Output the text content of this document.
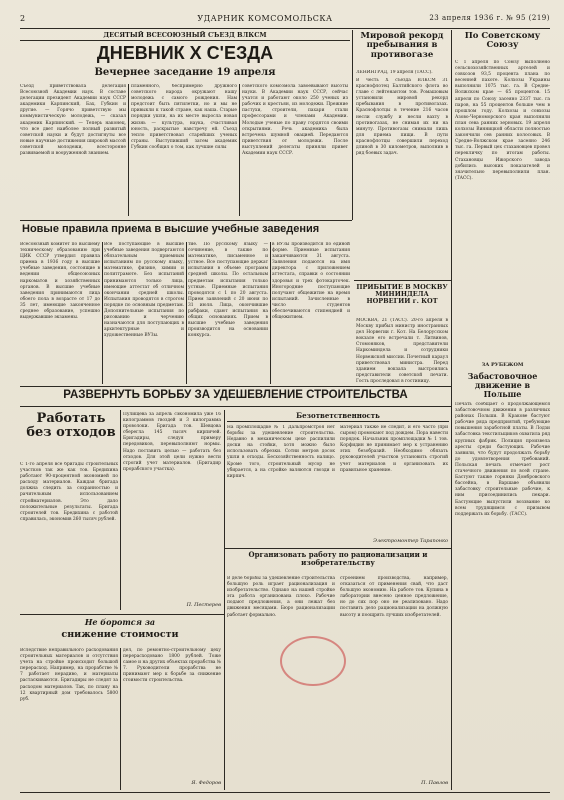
2	УДАРНИК КОМСОМОЛЬСКА	23 апреля 1936 г. № 95 (219)
ДЕСЯТЫЙ ВСЕСОЮЗНЫЙ СЪЕЗД ВЛКСМ
ДНЕВНИК X С'ЕЗДА
Вечернее заседание 19 апреля
Съезд приветствовала делегация Всесоюзной Академии наук. В составе делегации президент Академии наук СССР академики Карпинский, Бах, Губкин и другие. — Горячо приветствую мы коммунистическую молодежь, — сказал академик Карпинский. — Теперь наконец, что все двет наиболее полный развитый советской науки и будут достигнуты все новые научные достижения широкой массой советской молодежи, всесторонне развиваемой и вооруженной знанием.
пламенного, беспримерно дружного советского народа окружают нашу молодежь с самого рождения. Нам предстоит быть пятилетки, но и мы не привыкли к такой стране, как наша. Старые порядки ушли, на их месте выросла новая жизнь — культура, наука, счастливая юность, раскрытые навстречу ей. Съезд тепло приветствовал старейших ученых страны. Выступивший затем академик Губкин сообщил о том, как лучшие силы
советского комсомола завоевывают высоты науки. В Академии наук СССР, сейчас учатся и работают около 250 ученых из рабочих и крестьян, из молодежи. Прежние пастухи, строители, пахари стали профессорами и членами Академии. Молодые ученые по праву гордятся своими открытиями. Речь академика была встречена шумной овацией. Передаются приветствия от молодежи. После выступлений делегаты приняли привет Академии наук СССР.
Мировой рекорд пребывания в противогазе
ЛЕНИНГРАД, 19 апреля (ТАСС).
В честь X съезда ВЛКСМ 31 краснофлотец Балтийского флота во главе с лейтенантом тов. Ромашовым установили мировой рекорд пребывания в противогазах. Краснофлотцы в течение 216 часов несли службу и несли вахту в противогазах, не снимая их ни на минуту. Противогазы снимали лишь для приема пищи. В пути краснофлотцы совершили переход длиной в 30 километров, выполнив в ряд боевых задач.
По Советскому Союзу
С 1 апреля по Союзу выполнено сельскохозяйственных артелей и совхозов 93,5 процента плана по весенней пахоте. Колхозы Украины выполнили 1075 тыс. га. В Средне-Волжском крае — 65 процентов. 15 апреля по Союзу засеяно 2337 тыс. га паров, на 55 процентов больше чем в прошлом году. Колхозы и совхозы Азово-Черноморского края выполнили план сева ранних зерновых. 19 апреля колхозы Винницкой области полностью закончили сев ранних колосовых. В Средне-Волжском крае засеяно 246 тыс. га. Первый цех стахановцев провел перекличку по итогам работы. Стахановцы Ижорского завода добились высоких показателей и значительно перевыполнили план. (ТАСС).
Новые правила приема в высшие учебные заведения
Всесоюзный комитет по высшему техническому образованию при ЦИК СССР утвердил правила приема в 1936 году в высшие учебные заведения, состоящие в ведении общесоюзных наркоматов и хозяйственных органов. В высшие учебные заведения принимаются лица обоего пола в возрасте от 17 до 35 лет, имеющие законченное среднее образование, успешно выдержавшие экзамены.
Все поступающие в высшие учебные заведения подвергаются обязательным приемным испытаниям по русскому языку, математике, физике, химии и политграмоте. Без испытаний принимаются только лица, имеющие аттестат об отличном окончании средней школы. Испытания проводятся в строгом порядке по основным предметам. Дополнительные испытания по рисованию и черчению назначаются для поступающих в архитектурные и художественные ВУЗы.
тие. По русскому языку — сочинение, в также по математике, письменное и устное. Все поступающие держат испытания в объеме программ средней школы. По остальным предметам испытания только устные. Приемные испытания проводятся с 1 по 20 августа. Прием заявлений с 20 июня по 31 июля. Лица, окончившие рабфаки, сдают испытания на общих основаниях. Прием в высшие учебные заведения производится на основании конкурса.
в ВУЗы производится по единой форме. Приемные испытания заканчиваются 31 августа. Заявления подаются на имя директора с приложением аттестата, справки о состоянии здоровья и трех фотокарточек. Иногородние поступающие получают общежитие на время испытаний. Зачисленные в число студентов обеспечиваются стипендией и общежитием.
ПРИБЫТИЕ В МОСКВУ МИНИНДЕЛА НОРВЕГИИ г. КОТ
МОСКВА, 21 (ТАСС). 20-го апреля в Москву прибыл министр иностранных дел Норвегии г. Кот. На Белорусском вокзале его встречали т. Литвинов, Стомоняков, представители Наркоминдела и сотрудники Норвежской миссии. Почетный караул приветствовал министра. Перед зданием вокзала выстроились представители советской печати. Гость проследовал в гостиницу.
ЗА РУБЕЖОМ
Забастовочное движение в Польше
Печать сообщает о продолжающемся забастовочном движении в различных районах Польши. В Кракове бастуют рабочие ряда предприятий, требующие повышения заработной платы. В Лодзи забастовка текстильщиков охватила ряд крупных фабрик. Полиция произвела аресты среди бастующих. Рабочие заявили, что будут продолжать борьбу до удовлетворения требований. Польская печать отмечает рост стачечного движения по всей стране. Бастуют также горняки Домбровского бассейна, в Варшаве объявили забастовку строительные рабочие, к ним присоединились пекари. Бастующие выпустили воззвание ко всем трудящимся с призывом поддержать их борьбу. (ТАСС).
РАЗВЕРНУТЬ БОРЬБУ ЗА УДЕШЕВЛЕНИЕ СТРОИТЕЛЬСТВА
Работать без отходов
С 1-го апреля все бригады строительных участков так же как тов. Бредихина работают 90-процентной экономией по расходу материалов. Каждая бригада должна следить за сохранностью и рачительным использованием стройматериалов. Это дало положительные результаты. Бригада строителей тов. Бредихина с работой справилась, экономив 260 тысяч рублей.
Пулищева за апрель сэкономила уже 16 килограммов гвоздей и 3 килограмма проволоки. Бригада тов. Шевцова сберегла 145 тысяч кирпичей. Бригадиры, следуя примеру передовиков, перевыполняют нормы. Надо поставить целью — работать без отходов. Для этой цели нужно вести строгий учет материалов. (Бригадир прорабского участка).
П. Пестерев
Безответственность
На промплощадке № 1 Дальпромстроя нет борьбы за удешевление строительства. Недавно в механическом цехе распилили доски на стойки, хотя можно было использовать обрезки. Сотни метров досок ушли в отходы. Бесхозяйственность налицо. Кроме того, строительный мусор не убирается, а на стройке валяются гвозди и кирпич.
материал также не следит, и его часто (при сыром) промокают под дождем. Пора навести порядок. Начальник промплощадки № 1 тов. Корфидин не принимает мер к устранению этих безобразий. Необходимо обязать руководителей участков установить строгий учет материалов и организовать их правильное хранение.
Электромонтер Тарапонко
Организовать работу по рационализации и изобретательству
В деле борьбы за удешевление строительства большую роль играет рационализация и изобретательство. Однако на нашей стройке эта работа организована плохо. Рабочие подают предложения, а они лежат без движения месяцами. Бюро рационализации работает формально.
строением производства, например, отказаться от применения свай, что даст большую экономию. На работе тов. Купина в лаборатории внесено ценное предложение, но до сих пор оно не реализовано. Надо поставить дело рационализации на должную высоту и поощрять лучших изобретателей.
П. Павлов
Не боротся за
снижение стоимости
Вследствие неправильного расходования строительных материалов и отсутствия учета на стройке происходит большой перерасход. Например, на прорабстве № 7 работает нерадиво, и материалы растаскиваются. Бригадиры не следят за расходом материалов. Так, по плану на 12 квартирный дом требовалось 5800 руб.
дел, по ремонтно-строительному цеху перерасходовано 1800 рублей. Тоже самое и на других объектах прорабства № 7. Руководители прорабства не принимают мер к борьбе за снижение стоимости строительства.
Я. Федоров
